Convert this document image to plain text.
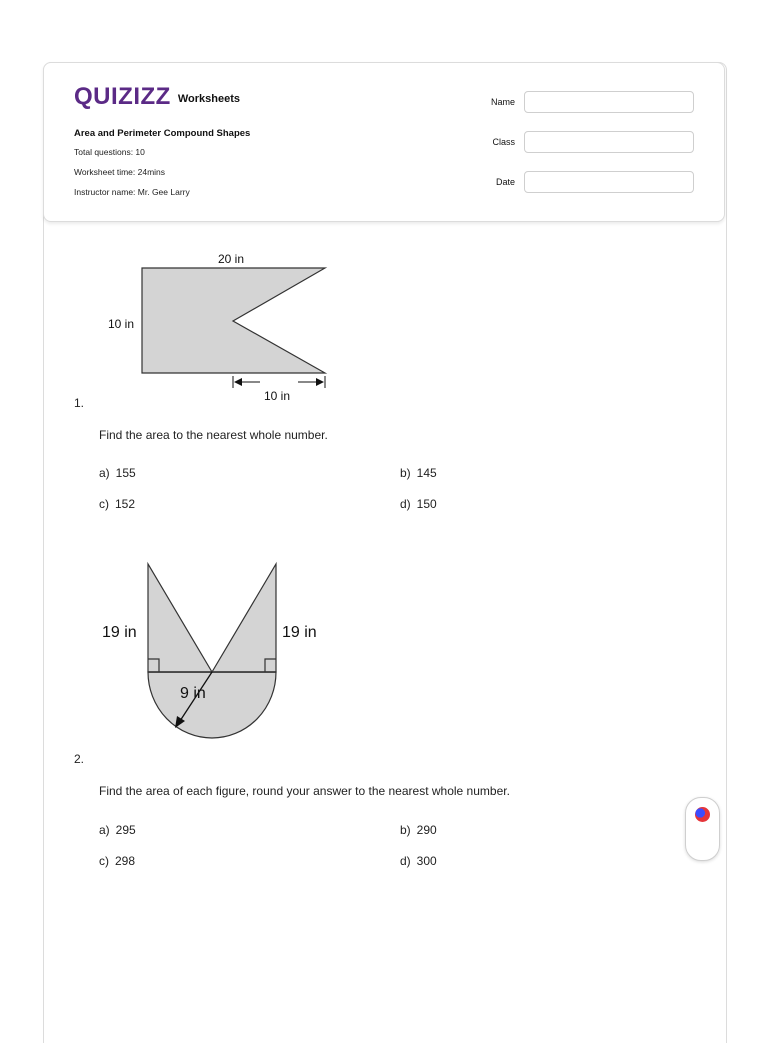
QUIZIZZ Worksheets
Area and Perimeter Compound Shapes
Total questions: 10
Worksheet time: 24mins
Instructor name: Mr. Gee Larry
Name
Class
Date
20 in
10 in
10 in
1.
Find the area to the nearest whole number.
a) 155	b) 145
c) 152	d) 150
19 in	19 in
9 in
2.
Find the area of each figure, round your answer to the nearest whole number.
a) 295	b) 290
c) 298	d) 300
